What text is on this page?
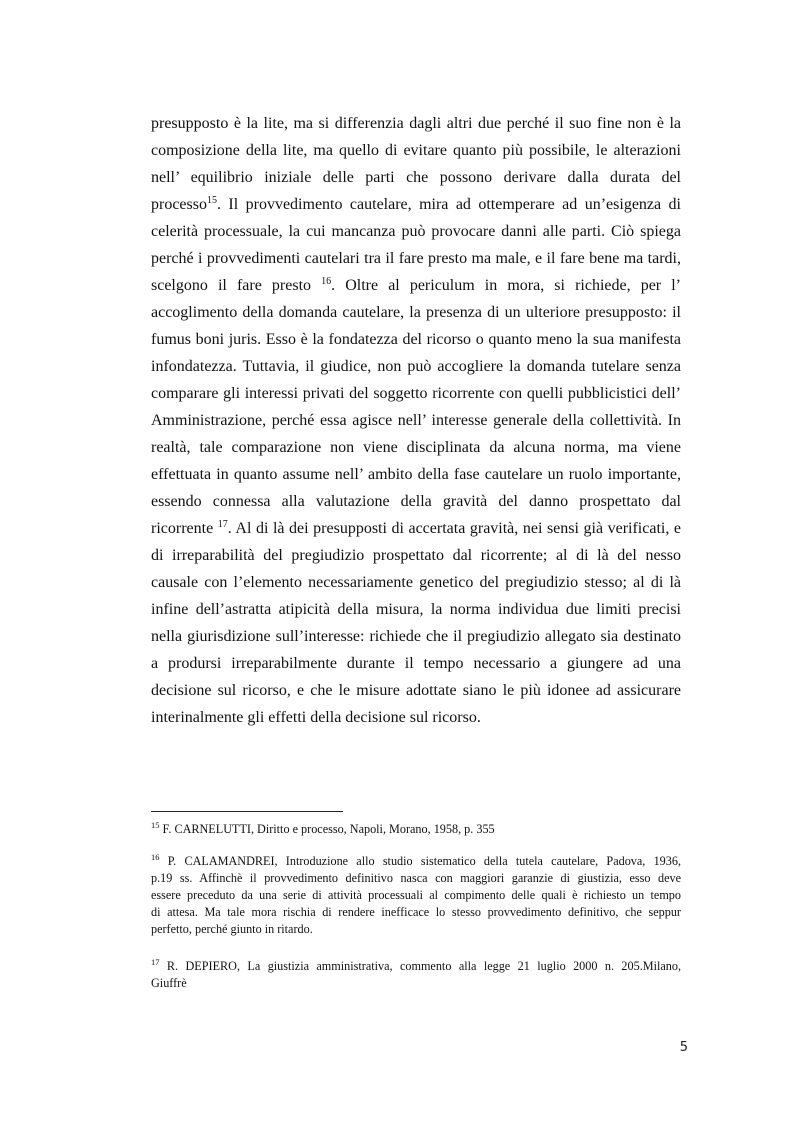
presupposto è la lite, ma si differenzia dagli altri due perché il suo fine non è la
composizione della lite, ma quello di evitare quanto più possibile, le alterazioni
nell’ equilibrio iniziale delle parti che possono derivare dalla durata del
processo$^{15}$. Il provvedimento cautelare, mira ad ottemperare ad un’esigenza di
celerità processuale, la cui mancanza può provocare danni alle parti. Ciò spiega
perché i provvedimenti cautelari tra il fare presto ma male, e il fare bene ma tardi,
scelgono il fare presto $^{16}$. Oltre al periculum in mora, si richiede, per l’
accoglimento della domanda cautelare, la presenza di un ulteriore presupposto: il
fumus boni juris. Esso è la fondatezza del ricorso o quanto meno la sua manifesta
infondatezza. Tuttavia, il giudice, non può accogliere la domanda tutelare senza
comparare gli interessi privati del soggetto ricorrente con quelli pubblicistici dell’
Amministrazione, perché essa agisce nell’ interesse generale della collettività. In
realtà, tale comparazione non viene disciplinata da alcuna norma, ma viene
effettuata in quanto assume nell’ ambito della fase cautelare un ruolo importante,
essendo connessa alla valutazione della gravità del danno prospettato dal
ricorrente $^{17}$. Al di là dei presupposti di accertata gravità, nei sensi già verificati, e
di irreparabilità del pregiudizio prospettato dal ricorrente; al di là del nesso
causale con l’elemento necessariamente genetico del pregiudizio stesso; al di là
infine dell’astratta atipicità della misura, la norma individua due limiti precisi
nella giurisdizione sull’interesse: richiede che il pregiudizio allegato sia destinato
a prodursi irreparabilmente durante il tempo necessario a giungere ad una
decisione sul ricorso, e che le misure adottate siano le più idonee ad assicurare
interinalmente gli effetti della decisione sul ricorso.
$^{15}$ F. CARNELUTTI, Diritto e processo, Napoli, Morano, 1958, p. 355
$^{16}$ P. CALAMANDREI, Introduzione allo studio sistematico della tutela cautelare, Padova, 1936,
p.19 ss. Affinchè il provvedimento definitivo nasca con maggiori garanzie di giustizia, esso deve
essere preceduto da una serie di attività processuali al compimento delle quali è richiesto un tempo
di attesa. Ma tale mora rischia di rendere inefficace lo stesso provvedimento definitivo, che seppur
perfetto, perché giunto in ritardo.
$^{17}$ R. DEPIERO, La giustizia amministrativa, commento alla legge 21 luglio 2000 n. 205.Milano,
Giuffrè
5
